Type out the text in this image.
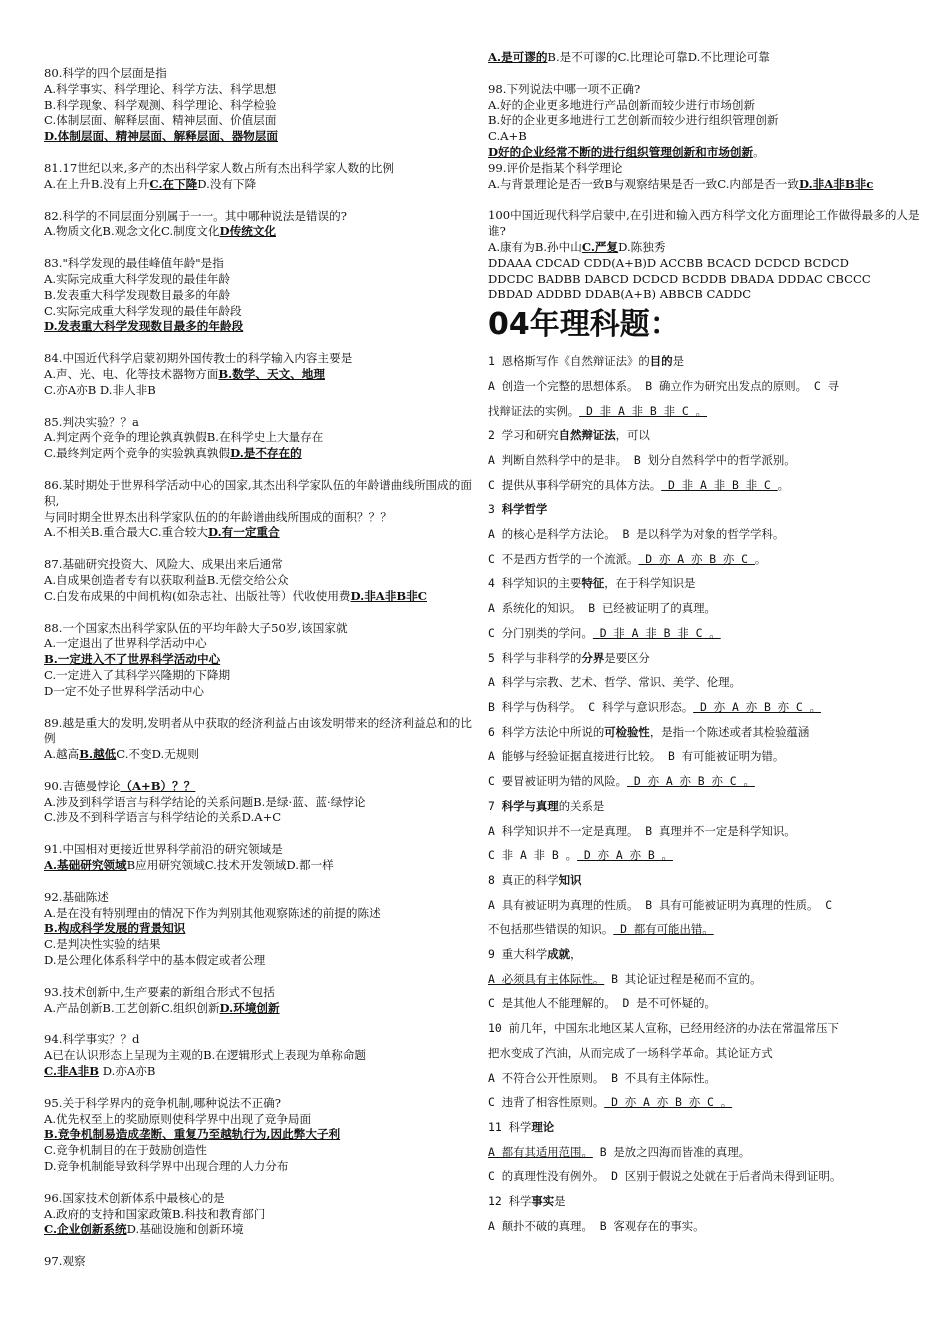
80.科学的四个层面是指
A.科学事实、科学理论、科学方法、科学思想
B.科学现象、科学观测、科学理论、科学检验
C.体制层面、解释层面、精神层面、价值层面
D.体制层面、精神层面、解释层面、器物层面
81.17世纪以来,多产的杰出科学家人数占所有杰出科学家人数的比例
A.在上升B.没有上升C.在下降D.没有下降
82.科学的不同层面分别属于一一。其中哪种说法是错误的?
A.物质文化B.观念文化C.制度文化D传统文化
83."科学发现的最佳峰值年龄"是指
A.实际完成重大科学发现的最佳年龄
B.发表重大科学发现数目最多的年龄
C.实际完成重大科学发现的最佳年龄段
D.发表重大科学发现数目最多的年龄段
84.中国近代科学启蒙初期外国传教士的科学输入内容主要是
A.声、光、电、化等技术器物方面B.数学、天文、地理
C.亦A亦B D.非人非B
85.判决实验？？a
A.判定两个竞争的理论孰真孰假B.在科学史上大量存在
C.最终判定两个竞争的实验孰真孰假D.是不存在的
86.某时期处于世界科学活动中心的国家,其杰出科学家队伍的年龄谱曲线所围成的面积,
与同时期全世界杰出科学家队伍的的年龄谱曲线所围成的面积？？？
A.不相关B.重合最大C.重合较大D.有一定重合
87.基础研究投资大、风险大、成果出来后通常
A.自成果创造者专有以获取利益B.无偿交给公众
C.白发布成果的中间机构(如杂志社、出版社等）代收使用费D.非A非B非C
88.一个国家杰出科学家队伍的平均年龄大子50岁,该国家就
A.一定退出了世界科学活动中心
B.一定进入不了世界科学活动中心
C.一定进入了其科学兴隆期的下降期
D一定不处子世界科学活动中心
89.越是重大的发明,发明者从中获取的经济利益占由该发明带来的经济利益总和的比例
A.越高B.越低C.不变D.无规则
90.吉德曼悖论（A+B）？？
A.涉及到科学语言与科学结论的关系问题B.是绿·蓝、蓝·绿悖论
C.涉及不到科学语言与科学结论的关系D.A+C
91.中国相对更接近世界科学前沿的研究领域是
A.基础研究领域B应用研究领域C.技术开发领域D.都一样
92.基础陈述
A.是在没有特别理由的情况下作为判别其他观察陈述的前提的陈述
B.构成科学发展的背景知识
C.是判决性实验的结果
D.是公理化体系科学中的基本假定或者公理
93.技术创新中,生产要素的新组合形式不包括
A.产品创新B.工艺创新C.组织创新D.环境创新
94.科学事实？？d
A已在认识形态上呈现为主观的B.在逻辑形式上表现为单称命题
C.非A非B D.亦A亦B
95.关于科学界内的竞争机制,哪种说法不正确?
A.优先权至上的奖励原则使科学界中出现了竞争局面
B.竞争机制易造成垄断、重复乃至越轨行为,因此弊大子利
C.竞争机制目的在于鼓励创造性
D.竞争机制能导致科学界中出现合理的人力分布
96.国家技术创新体系中最核心的是
A.政府的支持和国家政策B.科技和教育部门
C.企业创新系统D.基础设施和创新环境
97.观察
A.是可谬的B.是不可谬的C.比理论可靠D.不比理论可靠
98.下列说法中哪一项不正确?
A.好的企业更多地进行产品创新而较少进行市场创新
B.好的企业更多地进行工艺创新而较少进行组织管理创新
C.A+B
D好的企业经常不断的进行组织管理创新和市场创新。
99.评价是指某个科学理论
A.与背景理论是否一致B与观察结果是否一致C.内部是否一致D.非A非B非c
100中国近现代科学启蒙中,在引进和输入西方科学文化方面理论工作做得最多的人是谁?
A.康有为B.孙中山C.严复D.陈独秀
DDAAA CDCAD CDD(A+B)D ACCBB BCACD DCDCD BCDCD
DDCDC BADBB DABCD DCDCD BCDDB DBADA DDDAC CBCCC
DBDAD ADDBD DDAB(A+B) ABBCB CADDC
04年理科题：
1 恩格斯写作《自然辩证法》的目的是
A 创造一个完整的思想体系。 B 确立作为研究出发点的原则。 C 寻
找辩证法的实例。 D 非 A 非 B 非 C 。
2 学习和研究自然辩证法，可以
A 判断自然科学中的是非。 B 划分自然科学中的哲学派别。
C 提供从事科学研究的具体方法。 D 非 A 非 B 非 C 。
3 科学哲学
A 的核心是科学方法论。 B 是以科学为对象的哲学学科。
C 不是西方哲学的一个流派。 D 亦 A 亦 B 亦 C 。
4 科学知识的主要特征，在于科学知识是
A 系统化的知识。 B 已经被证明了的真理。
C 分门别类的学问。 D 非 A 非 B 非 C 。
5 科学与非科学的分界是要区分
A 科学与宗教、艺术、哲学、常识、美学、伦理。
B 科学与伪科学。 C 科学与意识形态。 D 亦 A 亦 B 亦 C 。
6 科学方法论中所说的可检验性，是指一个陈述或者其检验蕴涵
A 能够与经验证据直接进行比较。 B 有可能被证明为错。
C 要冒被证明为错的风险。 D 亦 A 亦 B 亦 C 。
7 科学与真理的关系是
A 科学知识并不一定是真理。 B 真理并不一定是科学知识。
C 非 A 非 B 。 D 亦 A 亦 B 。
8 真正的科学知识
A 具有被证明为真理的性质。 B 具有可能被证明为真理的性质。 C
不包括那些错误的知识。 D 都有可能出错。
9 重大科学成就，
A 必须具有主体际性。 B 其论证过程是秘而不宣的。
C 是其他人不能理解的。 D 是不可怀疑的。
10 前几年，中国东北地区某人宣称，已经用经济的办法在常温常压下
把水变成了汽油，从而完成了一场科学革命。其论证方式
A 不符合公开性原则。 B 不具有主体际性。
C 违背了相容性原则。 D 亦 A 亦 B 亦 C 。
11 科学理论
A 都有其适用范围。 B 是放之四海而皆准的真理。
C 的真理性没有例外。 D 区别于假说之处就在于后者尚未得到证明。
12 科学事实是
A 颠扑不破的真理。 B 客观存在的事实。
